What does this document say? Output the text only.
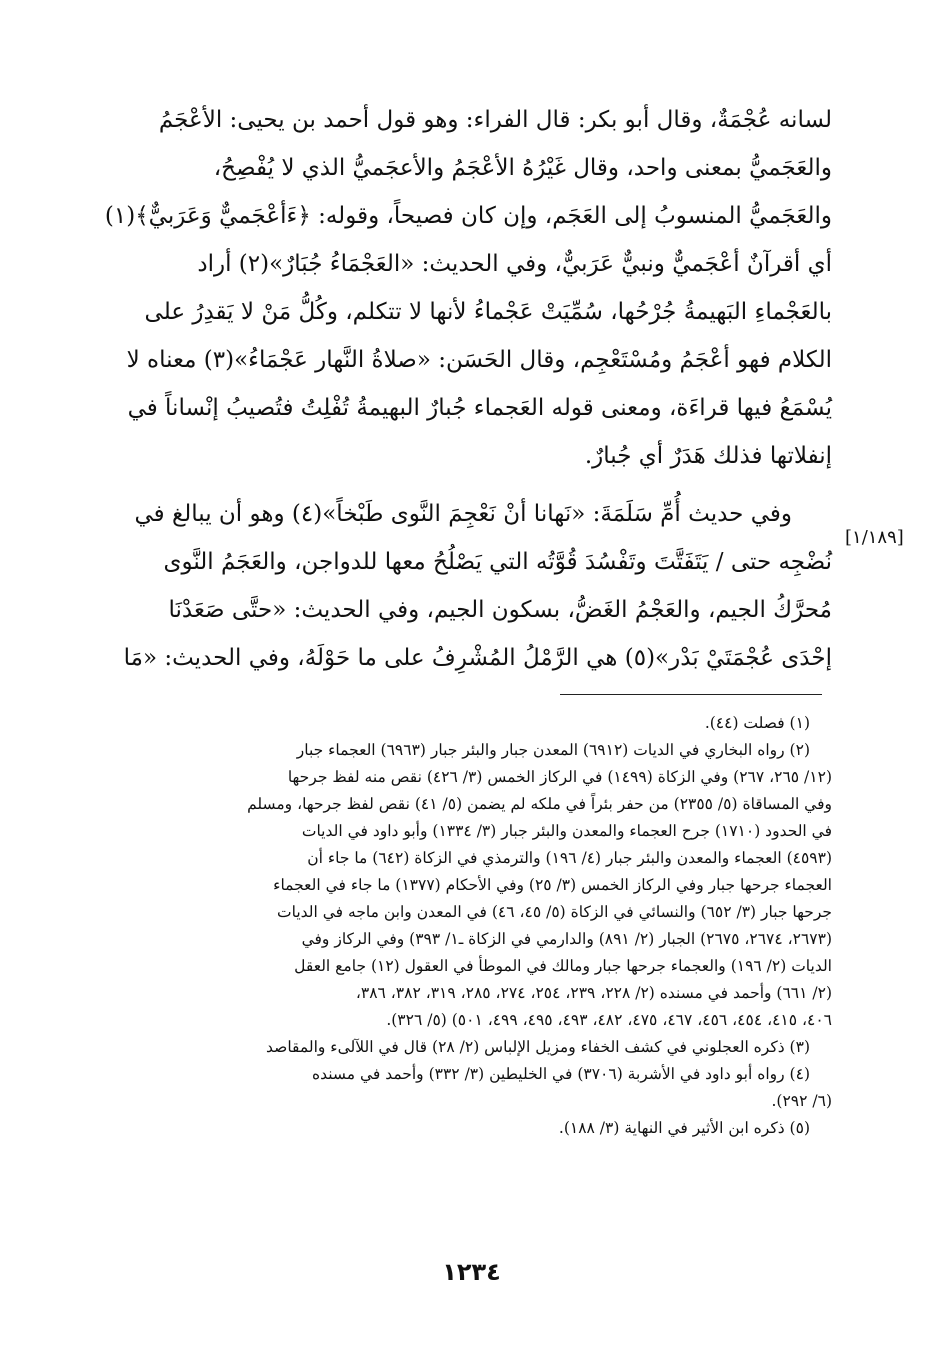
لسانه عُجْمَةٌ، وقال أبو بكر: قال الفراء: وهو قول أحمد بن يحيى: الأعْجَمُ
والعَجَميُّ بمعنى واحد، وقال غَيْرُهُ الأعْجَمُ والأعجَميُّ الذي لا يُفْصِحُ،
والعَجَميُّ المنسوبُ إلى العَجَم، وإن كان فصيحاً، وقوله: ﴿ءَأعْجَميٌّ وَعَرَبيٌّ﴾(١)
أي أقرآنٌ أعْجَميٌّ ونبيٌّ عَرَبيٌّ، وفي الحديث: «العَجْمَاءُ جُبَارٌ»(٢) أراد
بالعَجْماءِ البَهيمةُ جُرْحُها، سُمِّيَتْ عَجْماءُ لأنها لا تتكلم، وكُلُّ مَنْ لا يَقدِرُ على
الكلام فهو أعْجَمُ ومُسْتَعْجِم، وقال الحَسَن: «صلاةُ النَّهار عَجْمَاءُ»(٣) معناه لا
يُسْمَعُ فيها قراءَة، ومعنى قوله العَجماء جُبارٌ البهيمةُ تُفْلِتُ فتُصيبُ إنْساناً في
إنفلاتها فذلك هَدَرٌ أي جُبارٌ.
وفي حديث أُمِّ سَلَمَةَ: «نَهانا أنْ نَعْجِمَ النَّوى طَبْخاً»(٤) وهو أن يبالغ في
نُضْجِه حتى / يَتَفَتَّتَ وتَفْسُدَ قُوَّتُه التي يَصْلُحُ معها للدواجن، والعَجَمُ النَّوى
مُحرَّكُ الجيم، والعَجْمُ الغَضُّ، بسكون الجيم، وفي الحديث: «حتَّى صَعَدْنَا
إحْدَى عُجْمَتَيْ بَدْر»(٥) هي الرَّمْلُ المُشْرِفُ على ما حَوْلَهُ، وفي الحديث: «مَا
[١/١٨٩]
(١) فصلت (٤٤).
(٢) رواه البخاري في الديات (٦٩١٢) المعدن جبار والبئر جبار (٦٩٦٣) العجماء جبار
(١٢/ ٢٦٥، ٢٦٧) وفي الزكاة (١٤٩٩) في الركاز الخمس (٣/ ٤٢٦) نقص منه لفظ جرحها
وفي المساقاة (٥/ ٢٣٥٥) من حفر بئراً في ملكه لم يضمن (٥/ ٤١) نقص لفظ جرحها، ومسلم
في الحدود (١٧١٠) جرح العجماء والمعدن والبئر جبار (٣/ ١٣٣٤) وأبو داود في الديات
(٤٥٩٣) العجماء والمعدن والبئر جبار (٤/ ١٩٦) والترمذي في الزكاة (٦٤٢) ما جاء أن
العجماء جرحها جبار وفي الركاز الخمس (٣/ ٢٥) وفي الأحكام (١٣٧٧) ما جاء في العجماء
جرحها جبار (٣/ ٦٥٢) والنسائي في الزكاة (٥/ ٤٥، ٤٦) في المعدن وابن ماجه في الديات
(٢٦٧٣، ٢٦٧٤، ٢٦٧٥) الجبار (٢/ ٨٩١) والدارمي في الزكاة ـ١/ ٣٩٣) وفي الركاز وفي
الديات (٢/ ١٩٦) والعجماء جرحها جبار ومالك في الموطأ في العقول (١٢) جامع العقل
(٢/ ٦٦١) وأحمد في مسنده (٢/ ٢٢٨، ٢٣٩، ٢٥٤، ٢٧٤، ٢٨٥، ٣١٩، ٣٨٢، ٣٨٦،
٤٠٦، ٤١٥، ٤٥٤، ٤٥٦، ٤٦٧، ٤٧٥، ٤٨٢، ٤٩٣، ٤٩٥، ٤٩٩، ٥٠١) (٥/ ٣٢٦).
(٣) ذكره العجلوني في كشف الخفاء ومزيل الإلباس (٢/ ٢٨) قال في اللآلىء والمقاصد
(٤) رواه أبو داود في الأشربة (٣٧٠٦) في الخليطين (٣/ ٣٣٢) وأحمد في مسنده
(٦/ ٢٩٢).
(٥) ذكره ابن الأثير في النهاية (٣/ ١٨٨).
١٢٣٤
